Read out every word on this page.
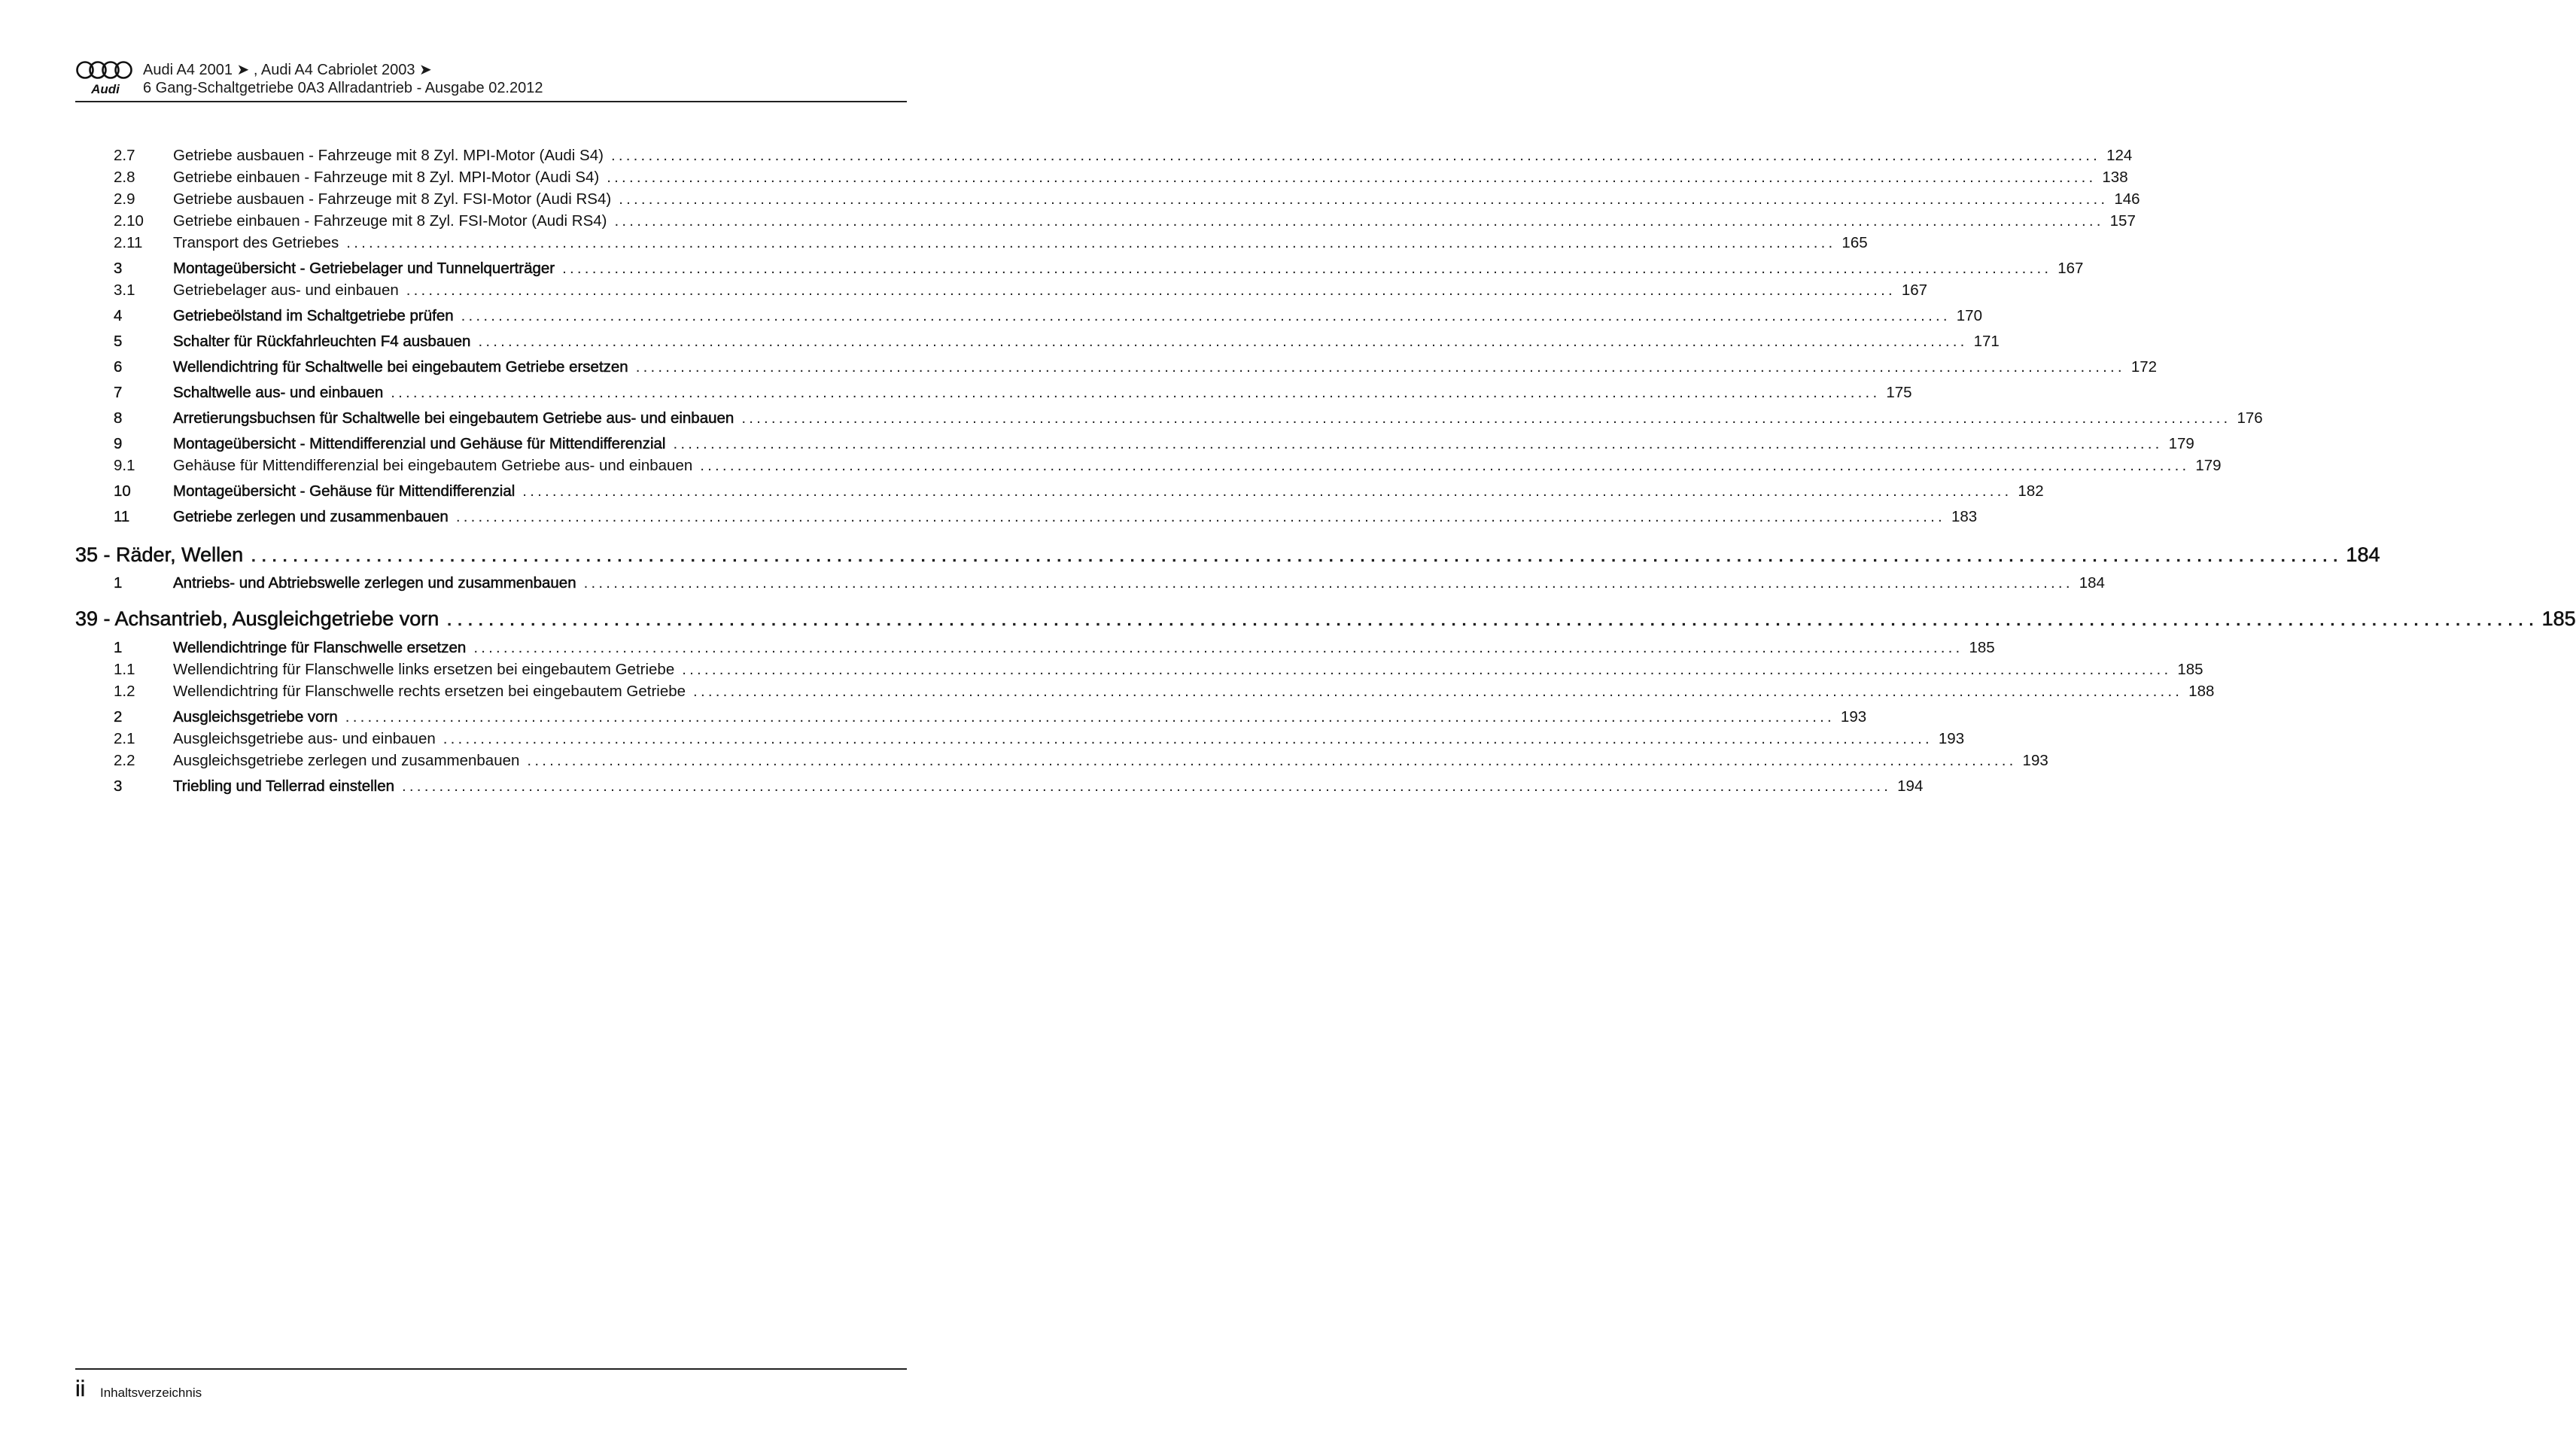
Audi
Audi A4 2001 ➤ , Audi A4 Cabriolet 2003 ➤
6 Gang-Schaltgetriebe 0A3 Allradantrieb - Ausgabe 02.2012
2.7	Getriebe ausbauen - Fahrzeuge mit 8 Zyl. MPI-Motor (Audi S4) ........................................................................................................................................................................................................ 124
2.8	Getriebe einbauen - Fahrzeuge mit 8 Zyl. MPI-Motor (Audi S4) ........................................................................................................................................................................................................ 138
2.9	Getriebe ausbauen - Fahrzeuge mit 8 Zyl. FSI-Motor (Audi RS4) ........................................................................................................................................................................................................ 146
2.10	Getriebe einbauen - Fahrzeuge mit 8 Zyl. FSI-Motor (Audi RS4) ........................................................................................................................................................................................................ 157
2.11	Transport des Getriebes ........................................................................................................................................................................................................ 165
3	Montageübersicht - Getriebelager und Tunnelquerträger ........................................................................................................................................................................................................ 167
3.1	Getriebelager aus- und einbauen ........................................................................................................................................................................................................ 167
4	Getriebeölstand im Schaltgetriebe prüfen ........................................................................................................................................................................................................ 170
5	Schalter für Rückfahrleuchten F4 ausbauen ........................................................................................................................................................................................................ 171
6	Wellendichtring für Schaltwelle bei eingebautem Getriebe ersetzen ........................................................................................................................................................................................................ 172
7	Schaltwelle aus- und einbauen ........................................................................................................................................................................................................ 175
8	Arretierungsbuchsen für Schaltwelle bei eingebautem Getriebe aus- und einbauen ........................................................................................................................................................................................................ 176
9	Montageübersicht - Mittendifferenzial und Gehäuse für Mittendifferenzial ........................................................................................................................................................................................................ 179
9.1	Gehäuse für Mittendifferenzial bei eingebautem Getriebe aus- und einbauen ........................................................................................................................................................................................................ 179
10	Montageübersicht - Gehäuse für Mittendifferenzial ........................................................................................................................................................................................................ 182
11	Getriebe zerlegen und zusammenbauen ........................................................................................................................................................................................................ 183
35 - Räder, Wellen ........................................................................................................................................................................................................ 184
1	Antriebs- und Abtriebswelle zerlegen und zusammenbauen ........................................................................................................................................................................................................ 184
39 - Achsantrieb, Ausgleichgetriebe vorn ........................................................................................................................................................................................................ 185
1	Wellendichtringe für Flanschwelle ersetzen ........................................................................................................................................................................................................ 185
1.1	Wellendichtring für Flanschwelle links ersetzen bei eingebautem Getriebe ........................................................................................................................................................................................................ 185
1.2	Wellendichtring für Flanschwelle rechts ersetzen bei eingebautem Getriebe ........................................................................................................................................................................................................ 188
2	Ausgleichsgetriebe vorn ........................................................................................................................................................................................................ 193
2.1	Ausgleichsgetriebe aus- und einbauen ........................................................................................................................................................................................................ 193
2.2	Ausgleichsgetriebe zerlegen und zusammenbauen ........................................................................................................................................................................................................ 193
3	Triebling und Tellerrad einstellen ........................................................................................................................................................................................................ 194
ii Inhaltsverzeichnis
